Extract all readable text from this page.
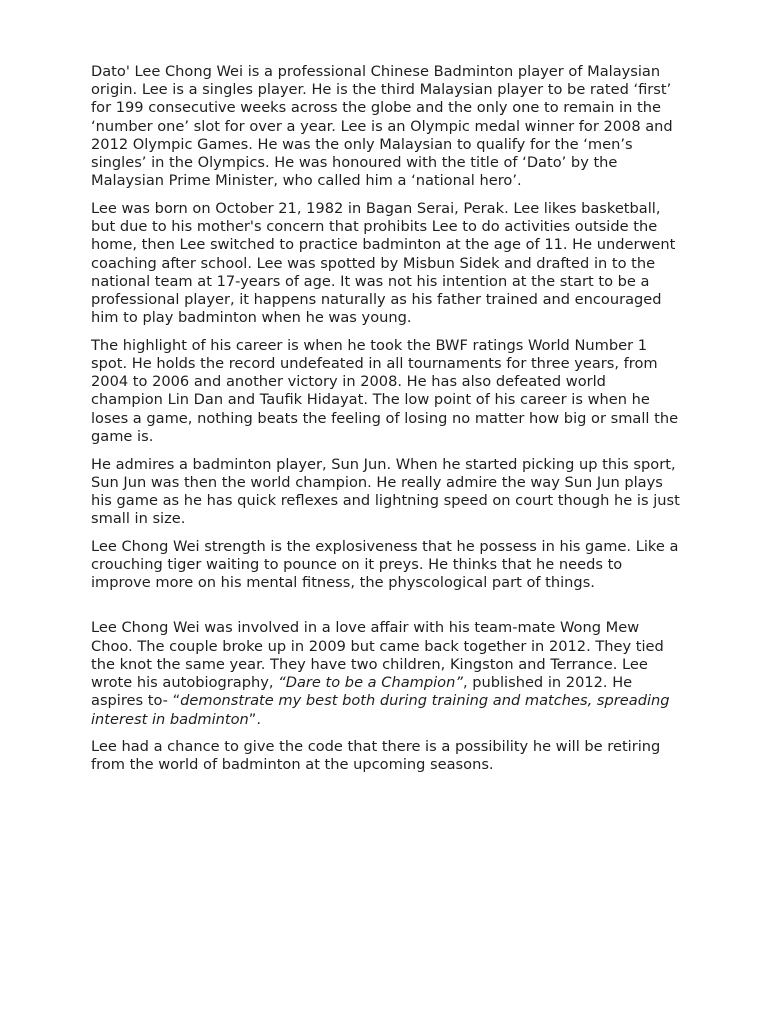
Dato' Lee Chong Wei is a professional Chinese Badminton player of Malaysian origin. Lee is a singles player. He is the third Malaysian player to be rated ‘first’ for 199 consecutive weeks across the globe and the only one to remain in the ‘number one’ slot for over a year. Lee is an Olympic medal winner for 2008 and 2012 Olympic Games. He was the only Malaysian to qualify for the ‘men’s singles’ in the Olympics. He was honoured with the title of ‘Dato’ by the Malaysian Prime Minister, who called him a ‘national hero’.

Lee was born on October 21, 1982 in Bagan Serai, Perak. Lee likes basketball, but due to his mother's concern that prohibits Lee to do activities outside the home, then Lee switched to practice badminton at the age of 11. He underwent coaching after school. Lee was spotted by Misbun Sidek and drafted in to the national team at 17-years of age. It was not his intention at the start to be a professional player, it happens naturally as his father trained and encouraged him to play badminton when he was young.

The highlight of his career is when he took the BWF ratings World Number 1 spot. He holds the record undefeated in all tournaments for three years, from 2004 to 2006 and another victory in 2008. He has also defeated world champion Lin Dan and Taufik Hidayat. The low point of his career is when he loses a game, nothing beats the feeling of losing no matter how big or small the game is.

He admires a badminton player, Sun Jun. When he started picking up this sport, Sun Jun was then the world champion. He really admire the way Sun Jun plays his game as he has quick reflexes and lightning speed on court though he is just small in size.

Lee Chong Wei strength is the explosiveness that he possess in his game. Like a crouching tiger waiting to pounce on it preys. He thinks that he needs to improve more on his mental fitness, the physcological part of things.

Lee Chong Wei was involved in a love affair with his team-mate Wong Mew Choo. The couple broke up in 2009 but came back together in 2012. They tied the knot the same year. They have two children, Kingston and Terrance. Lee wrote his autobiography, “Dare to be a Champion”, published in 2012. He aspires to- “demonstrate my best both during training and matches, spreading interest in badminton”.

Lee had a chance to give the code that there is a possibility he will be retiring from the world of badminton at the upcoming seasons.
